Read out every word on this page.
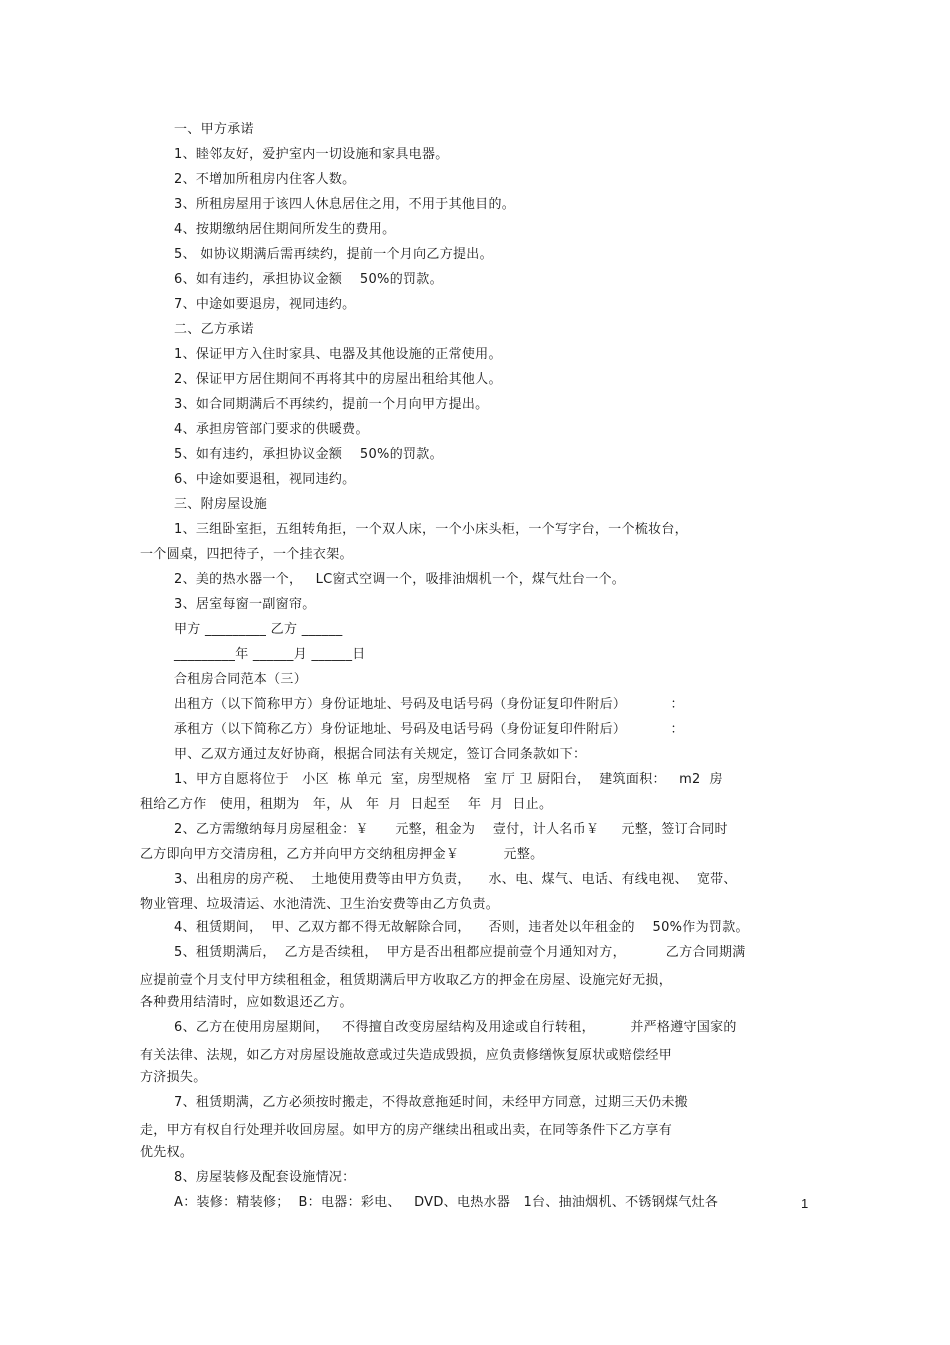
一、甲方承诺
1、睦邻友好，爱护室内一切设施和家具电器。
2、不增加所租房内住客人数。
3、所租房屋用于该四人休息居住之用，不用于其他目的。
4、按期缴纳居住期间所发生的费用。
5、 如协议期满后需再续约，提前一个月向乙方提出。
6、如有违约，承担协议金额    50%的罚款。
7、中途如要退房，视同违约。
二、乙方承诺
1、保证甲方入住时家具、电器及其他设施的正常使用。
2、保证甲方居住期间不再将其中的房屋出租给其他人。
3、如合同期满后不再续约，提前一个月向甲方提出。
4、承担房管部门要求的供暖费。
5、如有违约，承担协议金额    50%的罚款。
6、中途如要退租，视同违约。
三、附房屋设施
1、三组卧室拒，五组转角拒，一个双人床，一个小床头柜，一个写字台，一个梳妆台，
一个圆桌，四把待子，一个挂衣架。
2、美的热水器一个，   LC窗式空调一个，吸排油烟机一个，煤气灶台一个。
3、居室每窗一副窗帘。
甲方 _________ 乙方 ______
_________年 ______月 ______日
合租房合同范本（三）
出租方（以下简称甲方）身份证地址、号码及电话号码（身份证复印件附后）          ：
承租方（以下简称乙方）身份证地址、号码及电话号码（身份证复印件附后）          ：
甲、乙双方通过友好协商，根据合同法有关规定，签订合同条款如下：
1、甲方自愿将位于   小区  栋 单元  室，房型规格   室 厅 卫 厨阳台，  建筑面积：   m2  房
租给乙方作   使用，租期为   年，从   年  月  日起至    年  月  日止。
2、乙方需缴纳每月房屋租金：￥      元整，租金为    壹付，计人名币￥     元整，签订合同时
乙方即向甲方交清房租，乙方并向甲方交纳租房押金￥          元整。
3、出租房的房产税、  土地使用费等由甲方负责，    水、电、煤气、电话、有线电视、  宽带、
物业管理、垃圾清运、水池清洗、卫生治安费等由乙方负责。
4、租赁期间，  甲、乙双方都不得无故解除合同，    否则，违者处以年租金的    50%作为罚款。
5、租赁期满后，  乙方是否续租，  甲方是否出租都应提前壹个月通知对方，         乙方合同期满
应提前壹个月支付甲方续租租金，租赁期满后甲方收取乙方的押金在房屋、设施完好无损，
各种费用结清时，应如数退还乙方。
6、乙方在使用房屋期间，   不得擅自改变房屋结构及用途或自行转租，        并严格遵守国家的
有关法律、法规，如乙方对房屋设施故意或过失造成毁损，应负责修缮恢复原状或赔偿经甲
方济损失。
7、租赁期满，乙方必须按时搬走，不得故意拖延时间，未经甲方同意，过期三天仍未搬
走，甲方有权自行处理并收回房屋。如甲方的房产继续出租或出卖，在同等条件下乙方享有
优先权。
8、房屋装修及配套设施情况：
A：装修：精装修；  B：电器：彩电、   DVD、电热水器   1台、抽油烟机、不锈钢煤气灶各	1
